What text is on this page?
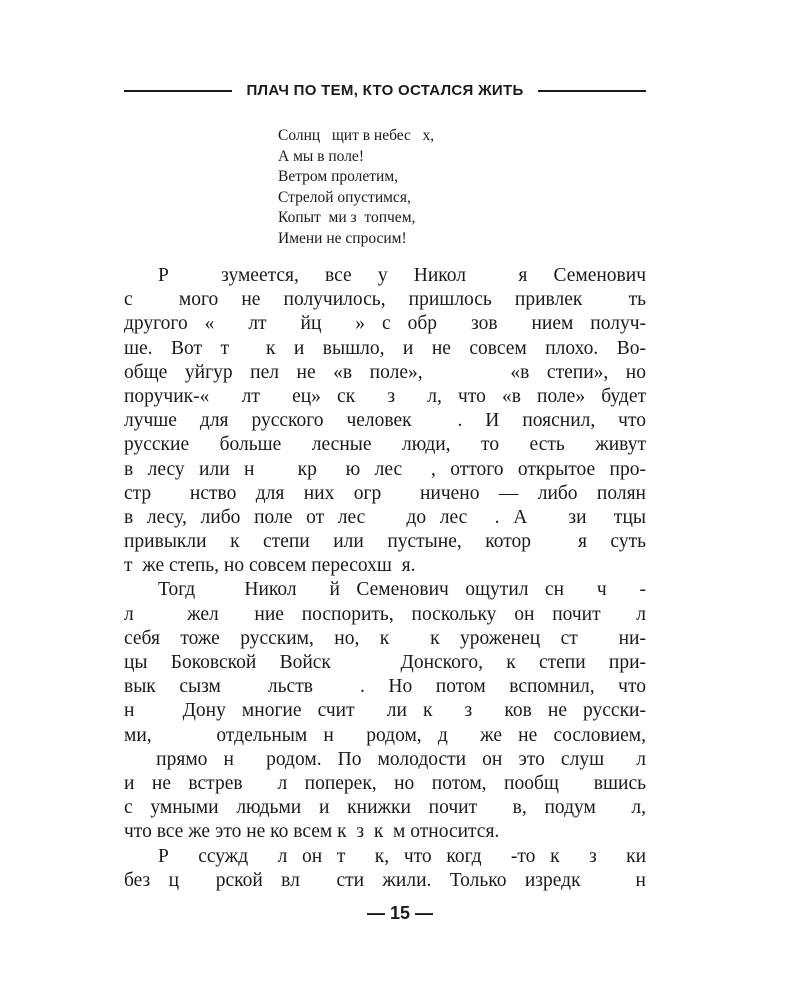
ПЛАЧ ПО ТЕМ, КТО ОСТАЛСЯ ЖИТЬ
Солнц   щит в небес   х,
А мы в поле!
Ветром пролетим,
Стрелой опустимся,
Копыт  ми з  топчем,
Имени не спросим!
Р  зумеется, все у Никол  я Семенович
с  мого не получилось, пришлось привлек  ть
другого «  лт  йц  » с обр  зов  нием получ-
ше. Вот т  к и вышло, и не совсем плохо. Во-
обще уйгур пел не «в поле»,     «в степи», но
поручик-«  лт  ец» ск  з  л, что «в поле» будет
лучше для русского человек  . И пояснил, что
русские больше лесные люди, то есть живут
в лесу или н   кр  ю лес  , оттого открытое про-
стр  нство для них огр  ничено — либо полян
в лесу, либо поле от лес   до лес  . А   зи  тцы
привыкли к степи или пустыне, котор  я суть
т  же степь, но совсем пересохш  я.
Тогд   Никол  й Семенович ощутил сн  ч  -
л   жел  ние поспорить, поскольку он почит  л
себя тоже русским, но, к  к уроженец ст  ни-
цы Боковской Войск   Донского, к степи при-
вык сызм  льств  . Но потом вспомнил, что
н   Дону многие счит  ли к  з  ков не русски-
ми,    отдельным н  родом, д  же не сословием,
прямо н  родом. По молодости он это слуш  л
и не встрев  л поперек, но потом, пообщ  вшись
с умными людьми и книжки почит  в, подум  л,
что все же это не ко всем к  з  к  м относится.
Р  ссужд  л он т  к, что когд  -то к  з  ки
без ц  рской вл  сти жили. Только изредк   н
— 15 —
